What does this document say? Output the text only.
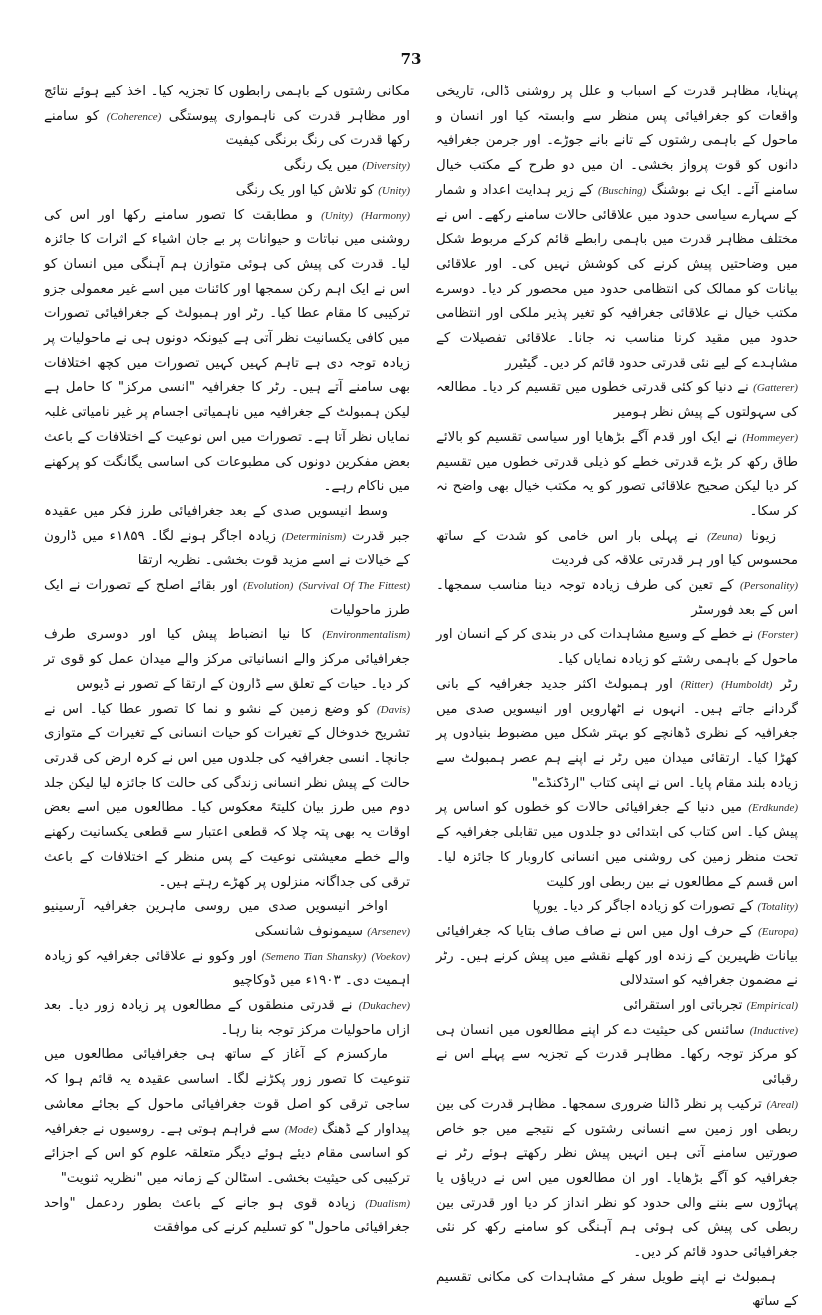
73

پہنایا، مظاہر قدرت کے اسباب و علل پر روشنی ڈالی، تاریخی واقعات کو جغرافیائی پس منظر سے وابستہ کیا اور انسان و ماحول کے باہمی رشتوں کے تانے بانے جوڑے۔ اور جرمن جغرافیہ دانوں کو قوت پرواز بخشی۔ ان میں دو طرح کے مکتب خیال سامنے آئے۔ ایک نے بوشنگ (Busching) کے زیر ہدایت اعداد و شمار کے سہارے سیاسی حدود میں علاقائی حالات سامنے رکھے۔ اس نے مختلف مظاہر قدرت میں باہمی رابطے قائم کرکے مربوط شکل میں وضاحتیں پیش کرنے کی کوشش نہیں کی۔ اور علاقائی بیانات کو ممالک کی انتظامی حدود میں محصور کر دیا۔ دوسرے مکتب خیال نے علاقائی جغرافیہ کو تغیر پذیر ملکی اور انتظامی حدود میں مقید کرنا مناسب نہ جانا۔ علاقائی تفصیلات کے مشاہدے کے لیے نئی قدرتی حدود قائم کر دیں۔ گیٹیرر

(Gatterer) نے دنیا کو کئی قدرتی خطوں میں تقسیم کر دیا۔ مطالعہ کی سہولتوں کے پیش نظر ہومیر

(Hommeyer) نے ایک اور قدم آگے بڑھایا اور سیاسی تقسیم کو بالائے طاق رکھ کر بڑے قدرتی خطے کو ذیلی قدرتی خطوں میں تقسیم کر دیا لیکن صحیح علاقائی تصور کو یہ مکتب خیال بھی واضح نہ کر سکا۔

زیونا (Zeuna) نے پہلی بار اس خامی کو شدت کے ساتھ محسوس کیا اور ہر قدرتی علاقہ کی فردیت

(Personality) کے تعین کی طرف زیادہ توجہ دینا مناسب سمجھا۔ اس کے بعد فورسٹر

(Forster) نے خطے کے وسیع مشاہدات کی در بندی کر کے انسان اور ماحول کے باہمی رشتے کو زیادہ نمایاں کیا۔

رٹر (Ritter) (Humboldt) اور ہمبولٹ اکثر جدید جغرافیہ کے بانی گردانے جاتے ہیں۔ انہوں نے اٹھارویں اور انیسویں صدی میں جغرافیہ کے نظری ڈھانچے کو بہتر شکل میں مضبوط بنیادوں پر کھڑا کیا۔ ارتقائی میدان میں رٹر نے اپنے ہم عصر ہمبولٹ سے زیادہ بلند مقام پایا۔ اس نے اپنی کتاب "ارڈکنڈے"

(Erdkunde) میں دنیا کے جغرافیائی حالات کو خطوں کو اساس پر پیش کیا۔ اس کتاب کی ابتدائی دو جلدوں میں تقابلی جغرافیہ کے تحت منظر زمین کی روشنی میں انسانی کاروبار کا جائزہ لیا۔ اس قسم کے مطالعوں نے بین ربطی اور کلیت

(Totality) کے تصورات کو زیادہ اجاگر کر دیا۔ یورپا

(Europa) کے حرف اول میں اس نے صاف صاف بتایا کہ جغرافیائی بیانات ظہیرین کے زندہ اور کھلے نقشے میں پیش کرنے ہیں۔ رٹر نے مضمون جغرافیہ کو استدلالی

(Empirical) تجرباتی اور استقرائی

(Inductive) سائنس کی حیثیت دے کر اپنے مطالعوں میں انسان ہی کو مرکز توجہ رکھا۔ مظاہر قدرت کے تجزیہ سے پہلے اس نے رقبائی

(Areal) ترکیب پر نظر ڈالنا ضروری سمجھا۔ مظاہر قدرت کی بین ربطی اور زمین سے انسانی رشتوں کے نتیجے میں جو خاص صورتیں سامنے آتی ہیں انہیں پیش نظر رکھتے ہوئے رٹر نے جغرافیہ کو آگے بڑھایا۔ اور ان مطالعوں میں اس نے دریاؤں یا پہاڑوں سے بننے والی حدود کو نظر انداز کر دیا اور قدرتی بین ربطی کی پیش کی ہوئی ہم آہنگی کو سامنے رکھ کر نئی جغرافیائی حدود قائم کر دیں۔

ہمبولٹ نے اپنے طویل سفر کے مشاہدات کی مکانی تقسیم کے ساتھ

مکانی رشتوں کے باہمی رابطوں کا تجزیہ کیا۔ اخذ کیے ہوئے نتائج اور مظاہر قدرت کی ناہمواری پیوستگی (Coherence) کو سامنے رکھا قدرت کی رنگ برنگی کیفیت

(Diversity) میں یک رنگی

(Unity) کو تلاش کیا اور یک رنگی

(Unity) (Harmony) و مطابقت کا تصور سامنے رکھا اور اس کی روشنی میں نباتات و حیوانات پر بے جان اشیاء کے اثرات کا جائزہ لیا۔ قدرت کی پیش کی ہوئی متوازن ہم آہنگی میں انسان کو اس نے ایک اہم رکن سمجھا اور کائنات میں اسے غیر معمولی جزو ترکیبی کا مقام عطا کیا۔ رٹر اور ہمبولٹ کے جغرافیائی تصورات میں کافی یکسانیت نظر آتی ہے کیونکہ دونوں ہی نے ماحولیات پر زیادہ توجہ دی ہے تاہم کہیں کہیں تصورات میں کچھ اختلافات بھی سامنے آتے ہیں۔ رٹر کا جغرافیہ "انسی مرکز" کا حامل ہے لیکن ہمبولٹ کے جغرافیہ میں ناہمیاتی اجسام پر غیر نامیاتی غلبہ نمایاں نظر آتا ہے۔ تصورات میں اس نوعیت کے اختلافات کے باعث بعض مفکرین دونوں کی مطبوعات کی اساسی یگانگت کو پرکھنے میں ناکام رہے۔

وسط انیسویں صدی کے بعد جغرافیائی طرز فکر میں عقیدہ جبر قدرت (Determinism) زیادہ اجاگر ہونے لگا۔ ۱۸۵۹ء میں ڈارون کے خیالات نے اسے مزید قوت بخشی۔ نظریہ ارتقا

(Evolution) (Survival Of The Fittest) اور بقائے اصلح کے تصورات نے ایک طرز ماحولیات

(Environmentalism) کا نیا انضباط پیش کیا اور دوسری طرف جغرافیائی مرکز والے انسانیاتی مرکز والے میدان عمل کو قوی تر کر دیا۔ حیات کے تعلق سے ڈارون کے ارتقا کے تصور نے ڈیوس

(Davis) کو وضع زمین کے نشو و نما کا تصور عطا کیا۔ اس نے تشریح خدوخال کے تغیرات کو حیات انسانی کے تغیرات کے متوازی جانچا۔ انسی جغرافیہ کی جلدوں میں اس نے کرہ ارض کی قدرتی حالت کے پیش نظر انسانی زندگی کی حالت کا جائزہ لیا لیکن جلد دوم میں طرز بیان کلیتہً معکوس کیا۔ مطالعوں میں اسے بعض اوقات یہ بھی پتہ چلا کہ قطعی اعتبار سے قطعی یکسانیت رکھنے والے خطے معیشتی نوعیت کے پس منظر کے اختلافات کے باعث ترقی کی جداگانہ منزلوں پر کھڑے رہتے ہیں۔

اواخر انیسویں صدی میں روسی ماہرین جغرافیہ آرسینیو (Arsenev) سیمونوف شانسکی

(Semeno Tian Shansky) (Voekov) اور وکوو نے علاقائی جغرافیہ کو زیادہ اہمیت دی۔ ۱۹۰۳ء میں ڈوکاچیو

(Dukachev) نے قدرتی منطقوں کے مطالعوں پر زیادہ زور دیا۔ بعد ازاں ماحولیات مرکز توجہ بنا رہا۔

مارکسزم کے آغاز کے ساتھ ہی جغرافیائی مطالعوں میں تنوعیت کا تصور زور پکڑنے لگا۔ اساسی عقیدہ یہ قائم ہوا کہ ساجی ترقی کو اصل قوت جغرافیائی ماحول کے بجائے معاشی پیداوار کے ڈھنگ (Mode) سے فراہم ہوتی ہے۔ روسیوں نے جغرافیہ کو اساسی مقام دیئے ہوئے دیگر متعلقہ علوم کو اس کے اجزائے ترکیبی کی حیثیت بخشی۔ اسٹالن کے زمانہ میں "نظریہ ثنویت"

(Dualism) زیادہ قوی ہو جانے کے باعث بطور ردعمل "واحد جغرافیائی ماحول" کو تسلیم کرنے کی موافقت
